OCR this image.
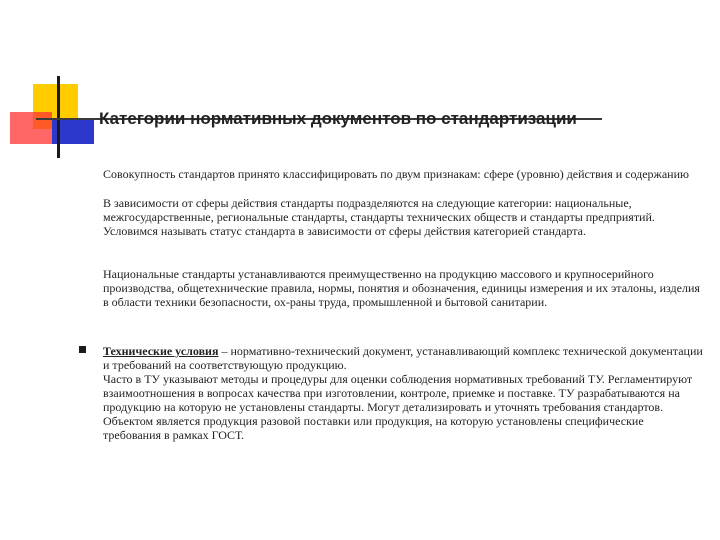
Категории нормативных документов по стандартизации

Совокупность стандартов принято классифицировать по двум признакам: сфере (уровню) действия и содержанию

В зависимости от сферы действия стандарты подразделяются на следующие категории: национальные, межгосударственные, региональные стандарты, стандарты технических обществ и стандарты предприятий. Условимся называть статус стандарта в зависимости от сферы действия категорией стандарта.

Национальные стандарты устанавливаются преимущественно на продукцию массового и крупносерийного производства, общетехнические правила, нормы, понятия и обозначения, единицы измерения и их эталоны, изделия в области техники безопасности, ох-раны труда, промышленной и бытовой санитарии.

Технические условия – нормативно-технический документ, устанавливающий комплекс технической документации и требований на соответствующую продукцию.

Часто в ТУ указывают методы и процедуры для оценки соблюдения нормативных требований ТУ. Регламентируют взаимоотношения в вопросах качества при изготовлении, контроле, приемке и поставке. ТУ разрабатываются на продукцию на которую не установлены стандарты. Могут детализировать и уточнять требования стандартов. Объектом является продукция разовой поставки или продукция, на которую установлены специфические требования в рамках ГОСТ.
